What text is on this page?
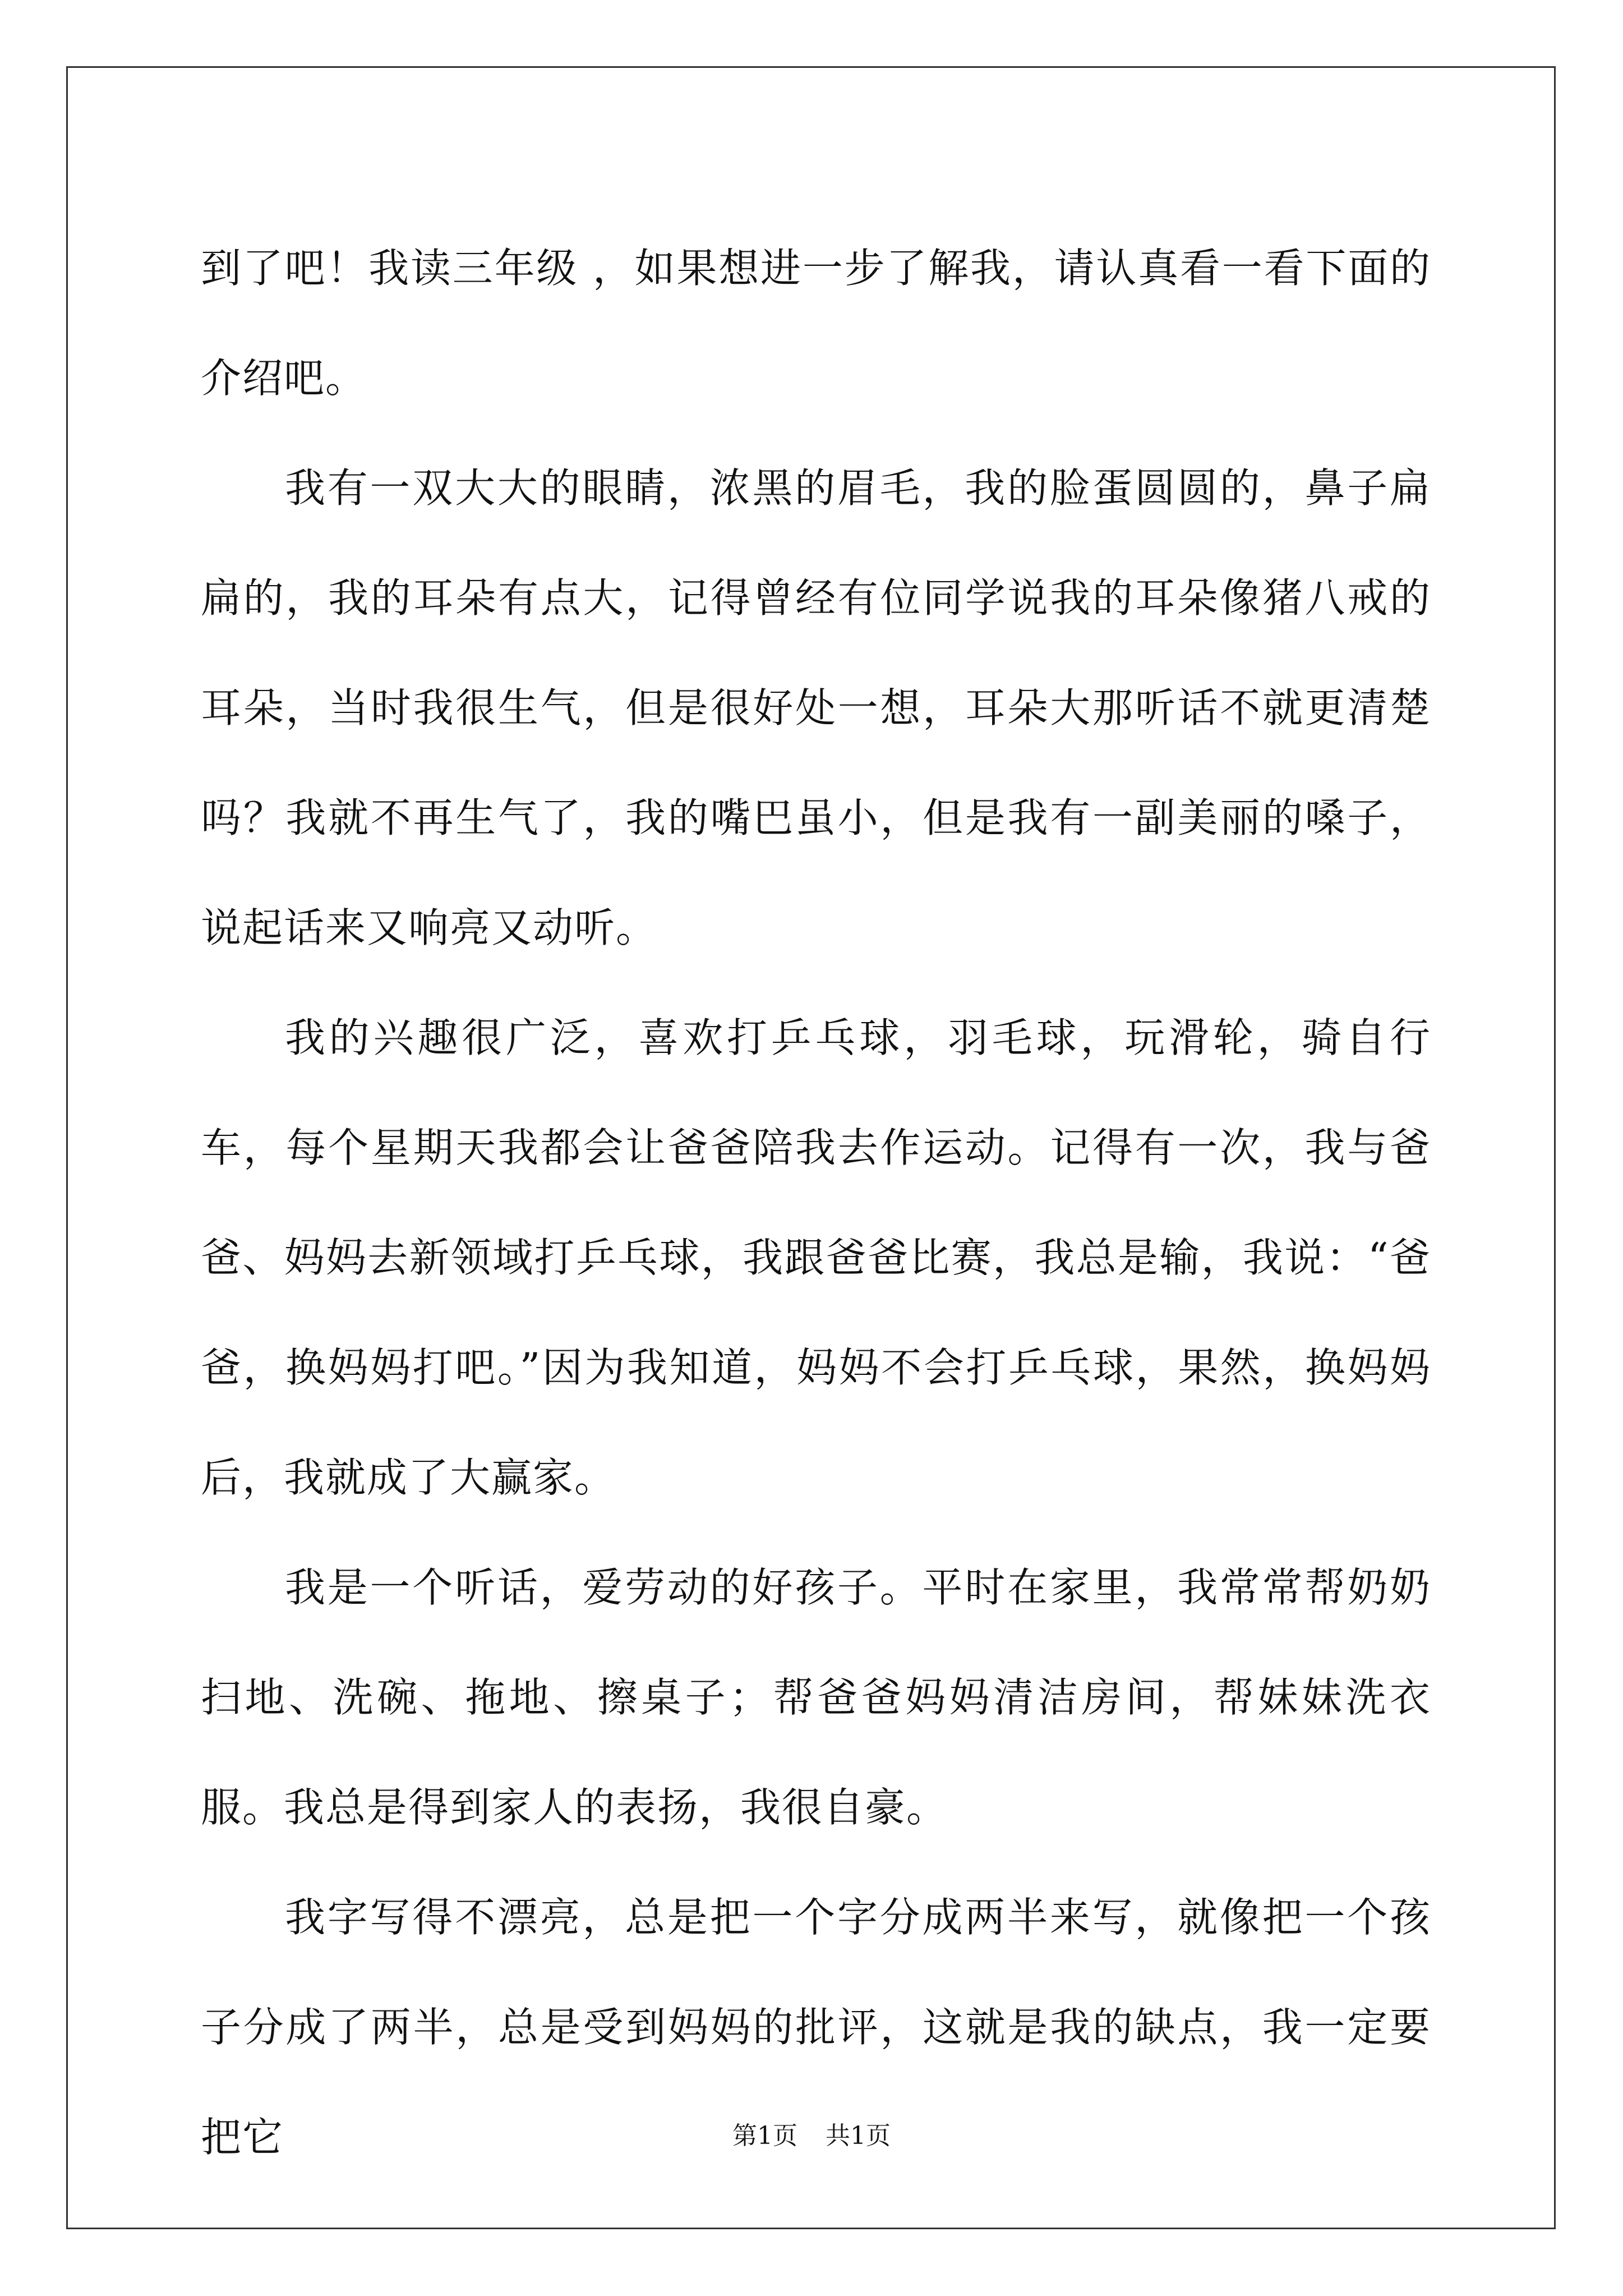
到了吧！我读三年级 ，如果想进一步了解我，请认真看一看下面的介绍吧。

我有一双大大的眼睛，浓黑的眉毛，我的脸蛋圆圆的，鼻子扁扁的，我的耳朵有点大，记得曾经有位同学说我的耳朵像猪八戒的耳朵，当时我很生气，但是很好处一想，耳朵大那听话不就更清楚吗？我就不再生气了，我的嘴巴虽小，但是我有一副美丽的嗓子，说起话来又响亮又动听。

我的兴趣很广泛，喜欢打乒乓球，羽毛球，玩滑轮，骑自行车，每个星期天我都会让爸爸陪我去作运动。记得有一次，我与爸爸、妈妈去新领域打乒乓球，我跟爸爸比赛，我总是输，我说：“爸爸，换妈妈打吧。”因为我知道，妈妈不会打乒乓球，果然，换妈妈后，我就成了大赢家。

我是一个听话，爱劳动的好孩子。平时在家里，我常常帮奶奶扫地、洗碗、拖地、擦桌子；帮爸爸妈妈清洁房间，帮妹妹洗衣服。我总是得到家人的表扬，我很自豪。

我字写得不漂亮，总是把一个字分成两半来写，就像把一个孩子分成了两半，总是受到妈妈的批评，这就是我的缺点，我一定要把它	第1页 共1页
